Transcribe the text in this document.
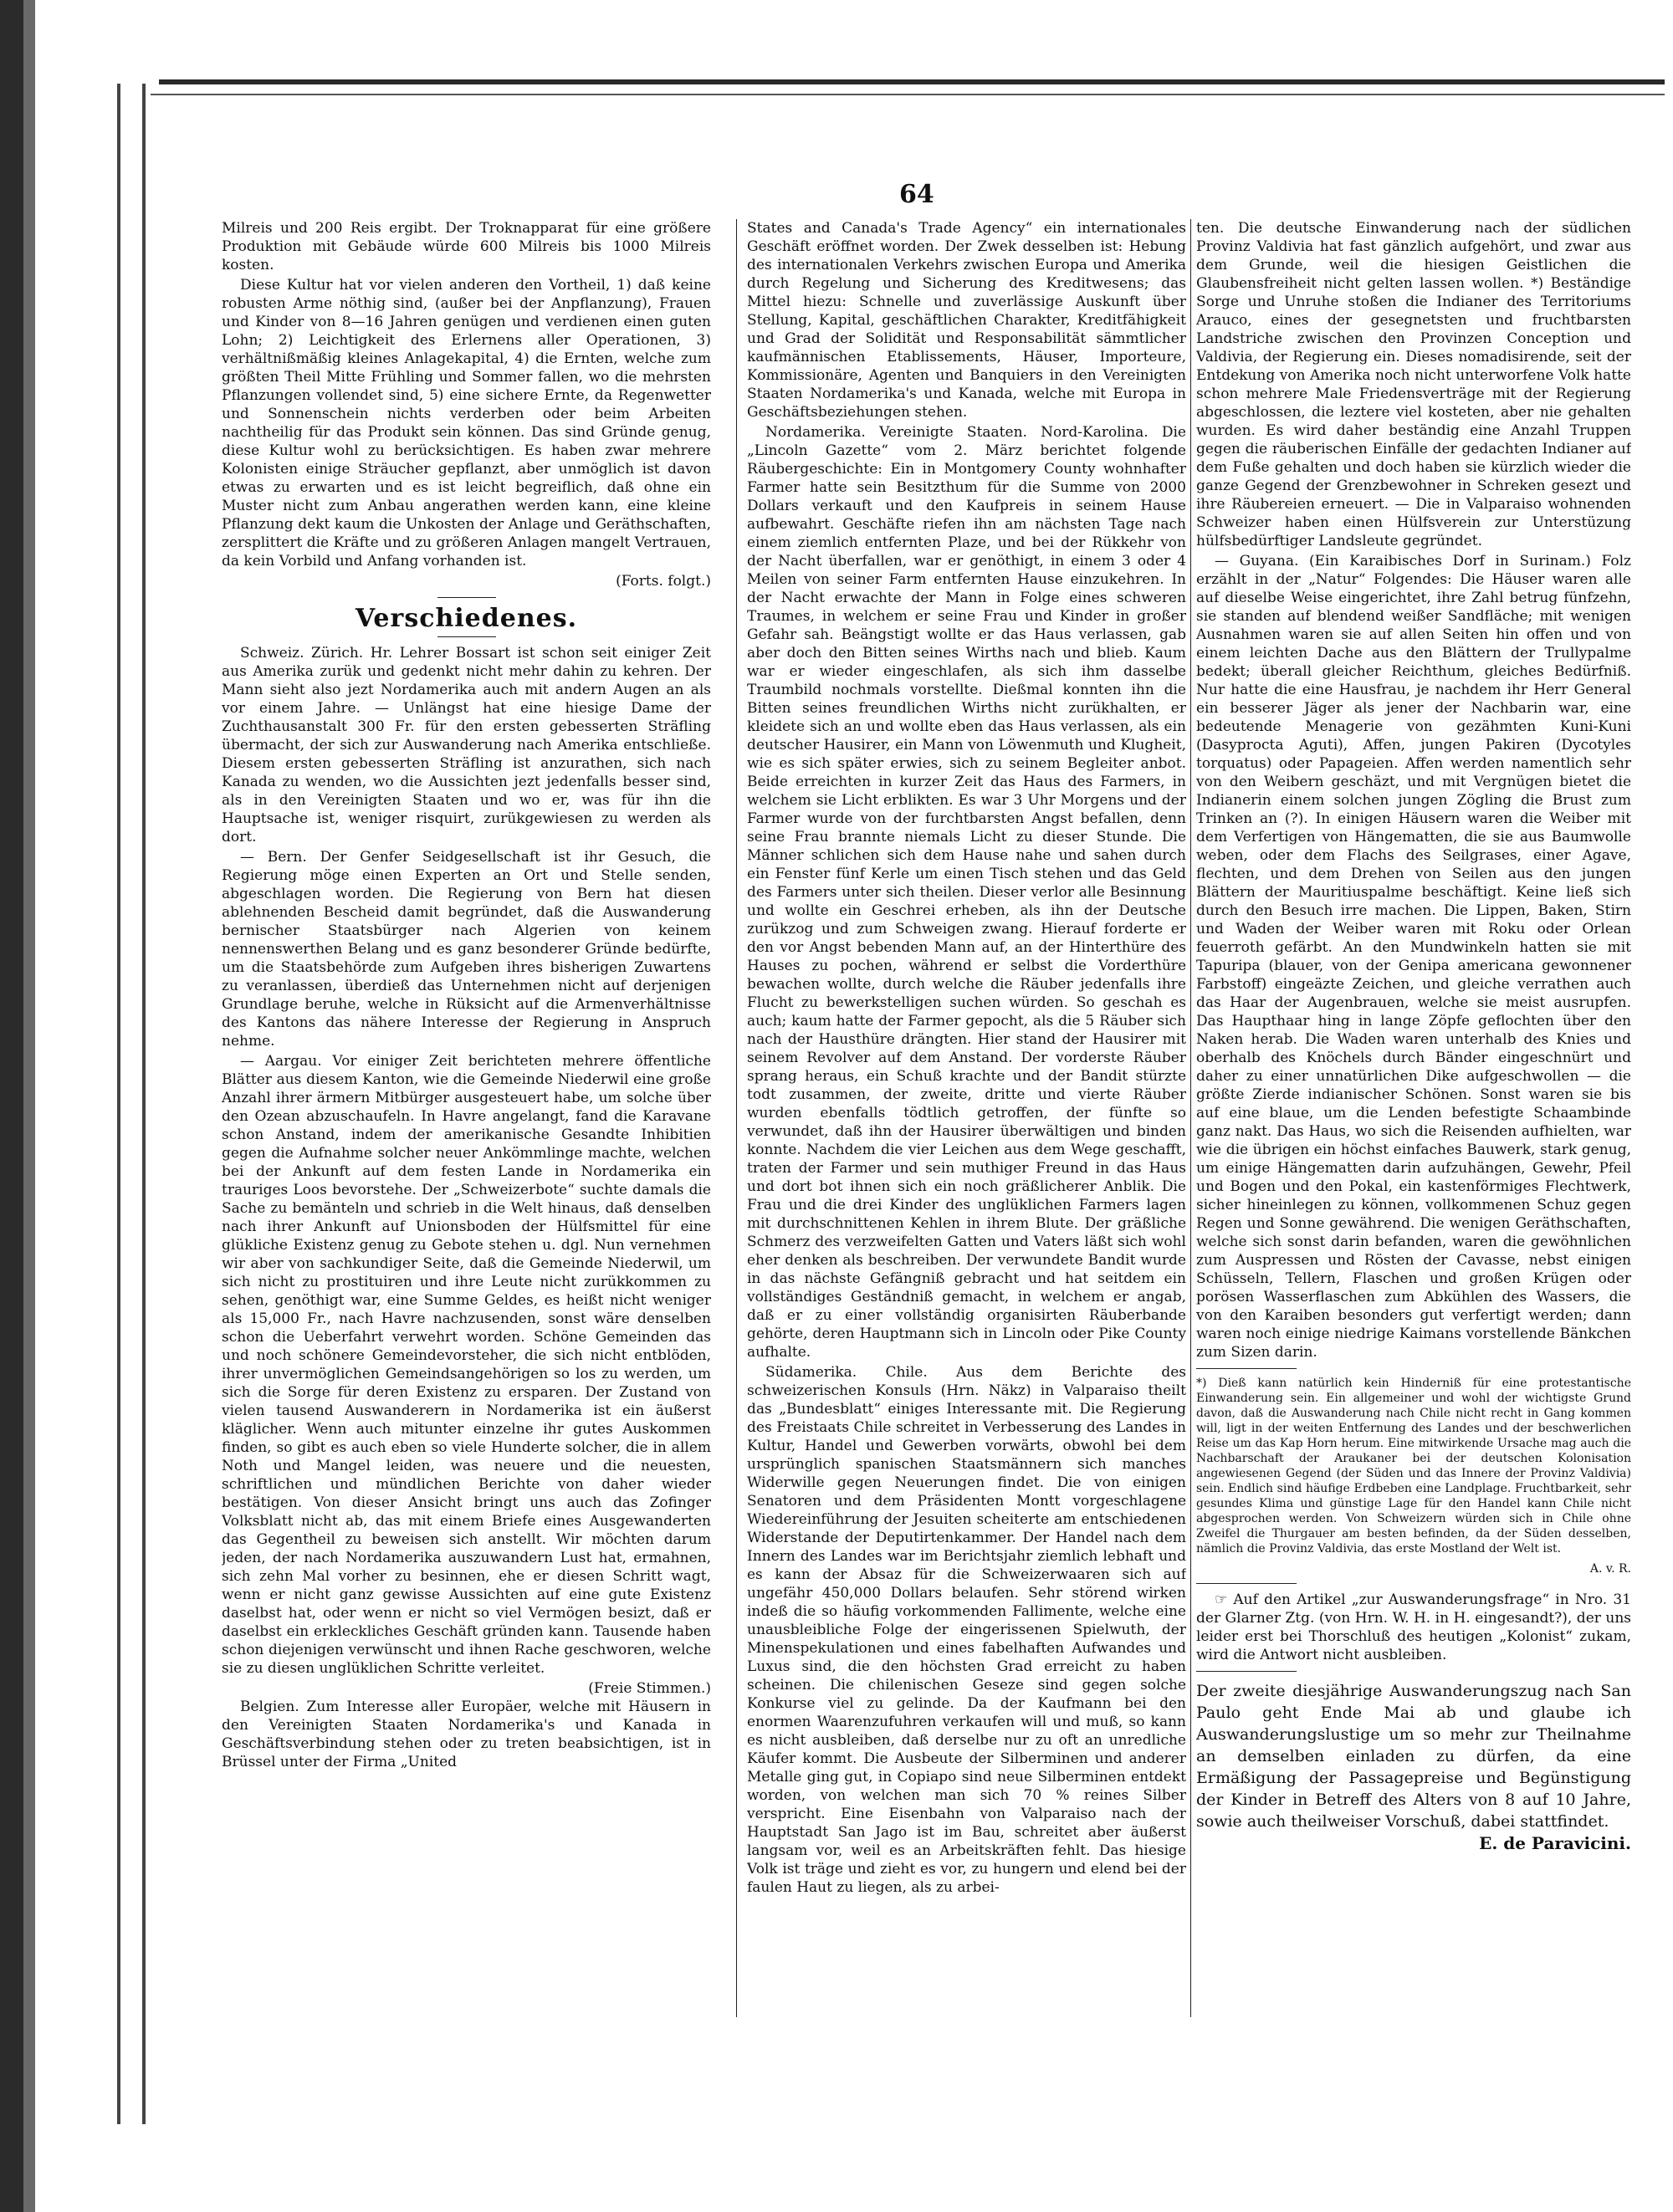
64

Milreis und 200 Reis ergibt. Der Troknapparat für eine größere Produktion mit Gebäude würde 600 Milreis bis 1000 Milreis kosten.

Diese Kultur hat vor vielen anderen den Vortheil, 1) daß keine robusten Arme nöthig sind, (außer bei der Anpflanzung), Frauen und Kinder von 8—16 Jahren genügen und verdienen einen guten Lohn; 2) Leichtigkeit des Erlernens aller Operationen, 3) verhältnißmäßig kleines Anlagekapital, 4) die Ernten, welche zum größten Theil Mitte Frühling und Sommer fallen, wo die mehrsten Pflanzungen vollendet sind, 5) eine sichere Ernte, da Regenwetter und Sonnenschein nichts verderben oder beim Arbeiten nachtheilig für das Produkt sein können. Das sind Gründe genug, diese Kultur wohl zu berücksichtigen. Es haben zwar mehrere Kolonisten einige Sträucher gepflanzt, aber unmöglich ist davon etwas zu erwarten und es ist leicht begreiflich, daß ohne ein Muster nicht zum Anbau angerathen werden kann, eine kleine Pflanzung dekt kaum die Unkosten der Anlage und Geräthschaften, zersplittert die Kräfte und zu größeren Anlagen mangelt Vertrauen, da kein Vorbild und Anfang vorhanden ist.

(Forts. folgt.)
Verschiedenes.

Schweiz. Zürich. Hr. Lehrer Bossart ist schon seit einiger Zeit aus Amerika zurük und gedenkt nicht mehr dahin zu kehren. Der Mann sieht also jezt Nordamerika auch mit andern Augen an als vor einem Jahre. — Unlängst hat eine hiesige Dame der Zuchthausanstalt 300 Fr. für den ersten gebesserten Sträfling übermacht, der sich zur Auswanderung nach Amerika entschließe. Diesem ersten gebesserten Sträfling ist anzurathen, sich nach Kanada zu wenden, wo die Aussichten jezt jedenfalls besser sind, als in den Vereinigten Staaten und wo er, was für ihn die Hauptsache ist, weniger risquirt, zurükgewiesen zu werden als dort.

— Bern. Der Genfer Seidgesellschaft ist ihr Gesuch, die Regierung möge einen Experten an Ort und Stelle senden, abgeschlagen worden. Die Regierung von Bern hat diesen ablehnenden Bescheid damit begründet, daß die Auswanderung bernischer Staatsbürger nach Algerien von keinem nennenswerthen Belang und es ganz besonderer Gründe bedürfte, um die Staatsbehörde zum Aufgeben ihres bisherigen Zuwartens zu veranlassen, überdieß das Unternehmen nicht auf derjenigen Grundlage beruhe, welche in Rüksicht auf die Armenverhältnisse des Kantons das nähere Interesse der Regierung in Anspruch nehme.

— Aargau. Vor einiger Zeit berichteten mehrere öffentliche Blätter aus diesem Kanton, wie die Gemeinde Niederwil eine große Anzahl ihrer ärmern Mitbürger ausgesteuert habe, um solche über den Ozean abzuschaufeln. In Havre angelangt, fand die Karavane schon Anstand, indem der amerikanische Gesandte Inhibitien gegen die Aufnahme solcher neuer Ankömmlinge machte, welchen bei der Ankunft auf dem festen Lande in Nordamerika ein trauriges Loos bevorstehe. Der „Schweizerbote“ suchte damals die Sache zu bemänteln und schrieb in die Welt hinaus, daß denselben nach ihrer Ankunft auf Unionsboden der Hülfsmittel für eine glükliche Existenz genug zu Gebote stehen u. dgl. Nun vernehmen wir aber von sachkundiger Seite, daß die Gemeinde Niederwil, um sich nicht zu prostituiren und ihre Leute nicht zurükkommen zu sehen, genöthigt war, eine Summe Geldes, es heißt nicht weniger als 15,000 Fr., nach Havre nachzusenden, sonst wäre denselben schon die Ueberfahrt verwehrt worden. Schöne Gemeinden das und noch schönere Gemeindevorsteher, die sich nicht entblöden, ihrer unvermöglichen Gemeindsangehörigen so los zu werden, um sich die Sorge für deren Existenz zu ersparen. Der Zustand von vielen tausend Auswanderern in Nordamerika ist ein äußerst kläglicher. Wenn auch mitunter einzelne ihr gutes Auskommen finden, so gibt es auch eben so viele Hunderte solcher, die in allem Noth und Mangel leiden, was neuere und die neuesten, schriftlichen und mündlichen Berichte von daher wieder bestätigen. Von dieser Ansicht bringt uns auch das Zofinger Volksblatt nicht ab, das mit einem Briefe eines Ausgewanderten das Gegentheil zu beweisen sich anstellt. Wir möchten darum jeden, der nach Nordamerika auszuwandern Lust hat, ermahnen, sich zehn Mal vorher zu besinnen, ehe er diesen Schritt wagt, wenn er nicht ganz gewisse Aussichten auf eine gute Existenz daselbst hat, oder wenn er nicht so viel Vermögen besizt, daß er daselbst ein erkleckliches Geschäft gründen kann. Tausende haben schon diejenigen verwünscht und ihnen Rache geschworen, welche sie zu diesen unglüklichen Schritte verleitet.

(Freie Stimmen.)

Belgien. Zum Interesse aller Europäer, welche mit Häusern in den Vereinigten Staaten Nordamerika's und Kanada in Geschäftsverbindung stehen oder zu treten beabsichtigen, ist in Brüssel unter der Firma „United

States and Canada's Trade Agency“ ein internationales Geschäft eröffnet worden. Der Zwek desselben ist: Hebung des internationalen Verkehrs zwischen Europa und Amerika durch Regelung und Sicherung des Kreditwesens; das Mittel hiezu: Schnelle und zuverlässige Auskunft über Stellung, Kapital, geschäftlichen Charakter, Kreditfähigkeit und Grad der Solidität und Responsabilität sämmtlicher kaufmännischen Etablissements, Häuser, Importeure, Kommissionäre, Agenten und Banquiers in den Vereinigten Staaten Nordamerika's und Kanada, welche mit Europa in Geschäftsbeziehungen stehen.

Nordamerika. Vereinigte Staaten. Nord-Karolina. Die „Lincoln Gazette“ vom 2. März berichtet folgende Räubergeschichte: Ein in Montgomery County wohnhafter Farmer hatte sein Besitzthum für die Summe von 2000 Dollars verkauft und den Kaufpreis in seinem Hause aufbewahrt. Geschäfte riefen ihn am nächsten Tage nach einem ziemlich entfernten Plaze, und bei der Rükkehr von der Nacht überfallen, war er genöthigt, in einem 3 oder 4 Meilen von seiner Farm entfernten Hause einzukehren. In der Nacht erwachte der Mann in Folge eines schweren Traumes, in welchem er seine Frau und Kinder in großer Gefahr sah. Beängstigt wollte er das Haus verlassen, gab aber doch den Bitten seines Wirths nach und blieb. Kaum war er wieder eingeschlafen, als sich ihm dasselbe Traumbild nochmals vorstellte. Dießmal konnten ihn die Bitten seines freundlichen Wirths nicht zurükhalten, er kleidete sich an und wollte eben das Haus verlassen, als ein deutscher Hausirer, ein Mann von Löwenmuth und Klugheit, wie es sich später erwies, sich zu seinem Begleiter anbot. Beide erreichten in kurzer Zeit das Haus des Farmers, in welchem sie Licht erblikten. Es war 3 Uhr Morgens und der Farmer wurde von der furchtbarsten Angst befallen, denn seine Frau brannte niemals Licht zu dieser Stunde. Die Männer schlichen sich dem Hause nahe und sahen durch ein Fenster fünf Kerle um einen Tisch stehen und das Geld des Farmers unter sich theilen. Dieser verlor alle Besinnung und wollte ein Geschrei erheben, als ihn der Deutsche zurükzog und zum Schweigen zwang. Hierauf forderte er den vor Angst bebenden Mann auf, an der Hinterthüre des Hauses zu pochen, während er selbst die Vorderthüre bewachen wollte, durch welche die Räuber jedenfalls ihre Flucht zu bewerkstelligen suchen würden. So geschah es auch; kaum hatte der Farmer gepocht, als die 5 Räuber sich nach der Hausthüre drängten. Hier stand der Hausirer mit seinem Revolver auf dem Anstand. Der vorderste Räuber sprang heraus, ein Schuß krachte und der Bandit stürzte todt zusammen, der zweite, dritte und vierte Räuber wurden ebenfalls tödtlich getroffen, der fünfte so verwundet, daß ihn der Hausirer überwältigen und binden konnte. Nachdem die vier Leichen aus dem Wege geschafft, traten der Farmer und sein muthiger Freund in das Haus und dort bot ihnen sich ein noch gräßlicherer Anblik. Die Frau und die drei Kinder des unglüklichen Farmers lagen mit durchschnittenen Kehlen in ihrem Blute. Der gräßliche Schmerz des verzweifelten Gatten und Vaters läßt sich wohl eher denken als beschreiben. Der verwundete Bandit wurde in das nächste Gefängniß gebracht und hat seitdem ein vollständiges Geständniß gemacht, in welchem er angab, daß er zu einer vollständig organisirten Räuberbande gehörte, deren Hauptmann sich in Lincoln oder Pike County aufhalte.

Südamerika. Chile. Aus dem Berichte des schweizerischen Konsuls (Hrn. Näkz) in Valparaiso theilt das „Bundesblatt“ einiges Interessante mit. Die Regierung des Freistaats Chile schreitet in Verbesserung des Landes in Kultur, Handel und Gewerben vorwärts, obwohl bei dem ursprünglich spanischen Staatsmännern sich manches Widerwille gegen Neuerungen findet. Die von einigen Senatoren und dem Präsidenten Montt vorgeschlagene Wiedereinführung der Jesuiten scheiterte am entschiedenen Widerstande der Deputirtenkammer. Der Handel nach dem Innern des Landes war im Berichtsjahr ziemlich lebhaft und es kann der Absaz für die Schweizerwaaren sich auf ungefähr 450,000 Dollars belaufen. Sehr störend wirken indeß die so häufig vorkommenden Fallimente, welche eine unausbleibliche Folge der eingerissenen Spielwuth, der Minenspekulationen und eines fabelhaften Aufwandes und Luxus sind, die den höchsten Grad erreicht zu haben scheinen. Die chilenischen Geseze sind gegen solche Konkurse viel zu gelinde. Da der Kaufmann bei den enormen Waarenzufuhren verkaufen will und muß, so kann es nicht ausbleiben, daß derselbe nur zu oft an unredliche Käufer kommt. Die Ausbeute der Silberminen und anderer Metalle ging gut, in Copiapo sind neue Silberminen entdekt worden, von welchen man sich 70 % reines Silber verspricht. Eine Eisenbahn von Valparaiso nach der Hauptstadt San Jago ist im Bau, schreitet aber äußerst langsam vor, weil es an Arbeitskräften fehlt. Das hiesige Volk ist träge und zieht es vor, zu hungern und elend bei der faulen Haut zu liegen, als zu arbei-

ten. Die deutsche Einwanderung nach der südlichen Provinz Valdivia hat fast gänzlich aufgehört, und zwar aus dem Grunde, weil die hiesigen Geistlichen die Glaubensfreiheit nicht gelten lassen wollen. *) Beständige Sorge und Unruhe stoßen die Indianer des Territoriums Arauco, eines der gesegnetsten und fruchtbarsten Landstriche zwischen den Provinzen Conception und Valdivia, der Regierung ein. Dieses nomadisirende, seit der Entdekung von Amerika noch nicht unterworfene Volk hatte schon mehrere Male Friedensverträge mit der Regierung abgeschlossen, die leztere viel kosteten, aber nie gehalten wurden. Es wird daher beständig eine Anzahl Truppen gegen die räuberischen Einfälle der gedachten Indianer auf dem Fuße gehalten und doch haben sie kürzlich wieder die ganze Gegend der Grenzbewohner in Schreken gesezt und ihre Räubereien erneuert. — Die in Valparaiso wohnenden Schweizer haben einen Hülfsverein zur Unterstüzung hülfsbedürftiger Landsleute gegründet.

— Guyana. (Ein Karaibisches Dorf in Surinam.) Folz erzählt in der „Natur“ Folgendes: Die Häuser waren alle auf dieselbe Weise eingerichtet, ihre Zahl betrug fünfzehn, sie standen auf blendend weißer Sandfläche; mit wenigen Ausnahmen waren sie auf allen Seiten hin offen und von einem leichten Dache aus den Blättern der Trullypalme bedekt; überall gleicher Reichthum, gleiches Bedürfniß. Nur hatte die eine Hausfrau, je nachdem ihr Herr General ein besserer Jäger als jener der Nachbarin war, eine bedeutende Menagerie von gezähmten Kuni-Kuni (Dasyprocta Aguti), Affen, jungen Pakiren (Dycotyles torquatus) oder Papageien. Affen werden namentlich sehr von den Weibern geschäzt, und mit Vergnügen bietet die Indianerin einem solchen jungen Zögling die Brust zum Trinken an (?). In einigen Häusern waren die Weiber mit dem Verfertigen von Hängematten, die sie aus Baumwolle weben, oder dem Flachs des Seilgrases, einer Agave, flechten, und dem Drehen von Seilen aus den jungen Blättern der Mauritiuspalme beschäftigt. Keine ließ sich durch den Besuch irre machen. Die Lippen, Baken, Stirn und Waden der Weiber waren mit Roku oder Orlean feuerroth gefärbt. An den Mundwinkeln hatten sie mit Tapuripa (blauer, von der Genipa americana gewonnener Farbstoff) eingeäzte Zeichen, und gleiche verrathen auch das Haar der Augenbrauen, welche sie meist ausrupfen. Das Haupthaar hing in lange Zöpfe geflochten über den Naken herab. Die Waden waren unterhalb des Knies und oberhalb des Knöchels durch Bänder eingeschnürt und daher zu einer unnatürlichen Dike aufgeschwollen — die größte Zierde indianischer Schönen. Sonst waren sie bis auf eine blaue, um die Lenden befestigte Schaambinde ganz nakt. Das Haus, wo sich die Reisenden aufhielten, war wie die übrigen ein höchst einfaches Bauwerk, stark genug, um einige Hängematten darin aufzuhängen, Gewehr, Pfeil und Bogen und den Pokal, ein kastenförmiges Flechtwerk, sicher hineinlegen zu können, vollkommenen Schuz gegen Regen und Sonne gewährend. Die wenigen Geräthschaften, welche sich sonst darin befanden, waren die gewöhnlichen zum Auspressen und Rösten der Cavasse, nebst einigen Schüsseln, Tellern, Flaschen und großen Krügen oder porösen Wasserflaschen zum Abkühlen des Wassers, die von den Karaiben besonders gut verfertigt werden; dann waren noch einige niedrige Kaimans vorstellende Bänkchen zum Sizen darin.

*) Dieß kann natürlich kein Hinderniß für eine protestantische Einwanderung sein. Ein allgemeiner und wohl der wichtigste Grund davon, daß die Auswanderung nach Chile nicht recht in Gang kommen will, ligt in der weiten Entfernung des Landes und der beschwerlichen Reise um das Kap Horn herum. Eine mitwirkende Ursache mag auch die Nachbarschaft der Araukaner bei der deutschen Kolonisation angewiesenen Gegend (der Süden und das Innere der Provinz Valdivia) sein. Endlich sind häufige Erdbeben eine Landplage. Fruchtbarkeit, sehr gesundes Klima und günstige Lage für den Handel kann Chile nicht abgesprochen werden. Von Schweizern würden sich in Chile ohne Zweifel die Thurgauer am besten befinden, da der Süden desselben, nämlich die Provinz Valdivia, das erste Mostland der Welt ist.

A. v. R.

☞ Auf den Artikel „zur Auswanderungsfrage“ in Nro. 31 der Glarner Ztg. (von Hrn. W. H. in H. eingesandt?), der uns leider erst bei Thorschluß des heutigen „Kolonist“ zukam, wird die Antwort nicht ausbleiben.

Der zweite diesjährige Auswanderungszug nach San Paulo geht Ende Mai ab und glaube ich Auswanderungslustige um so mehr zur Theilnahme an demselben einladen zu dürfen, da eine Ermäßigung der Passagepreise und Begünstigung der Kinder in Betreff des Alters von 8 auf 10 Jahre, sowie auch theilweiser Vorschuß, dabei stattfindet.

E. de Paravicini.
